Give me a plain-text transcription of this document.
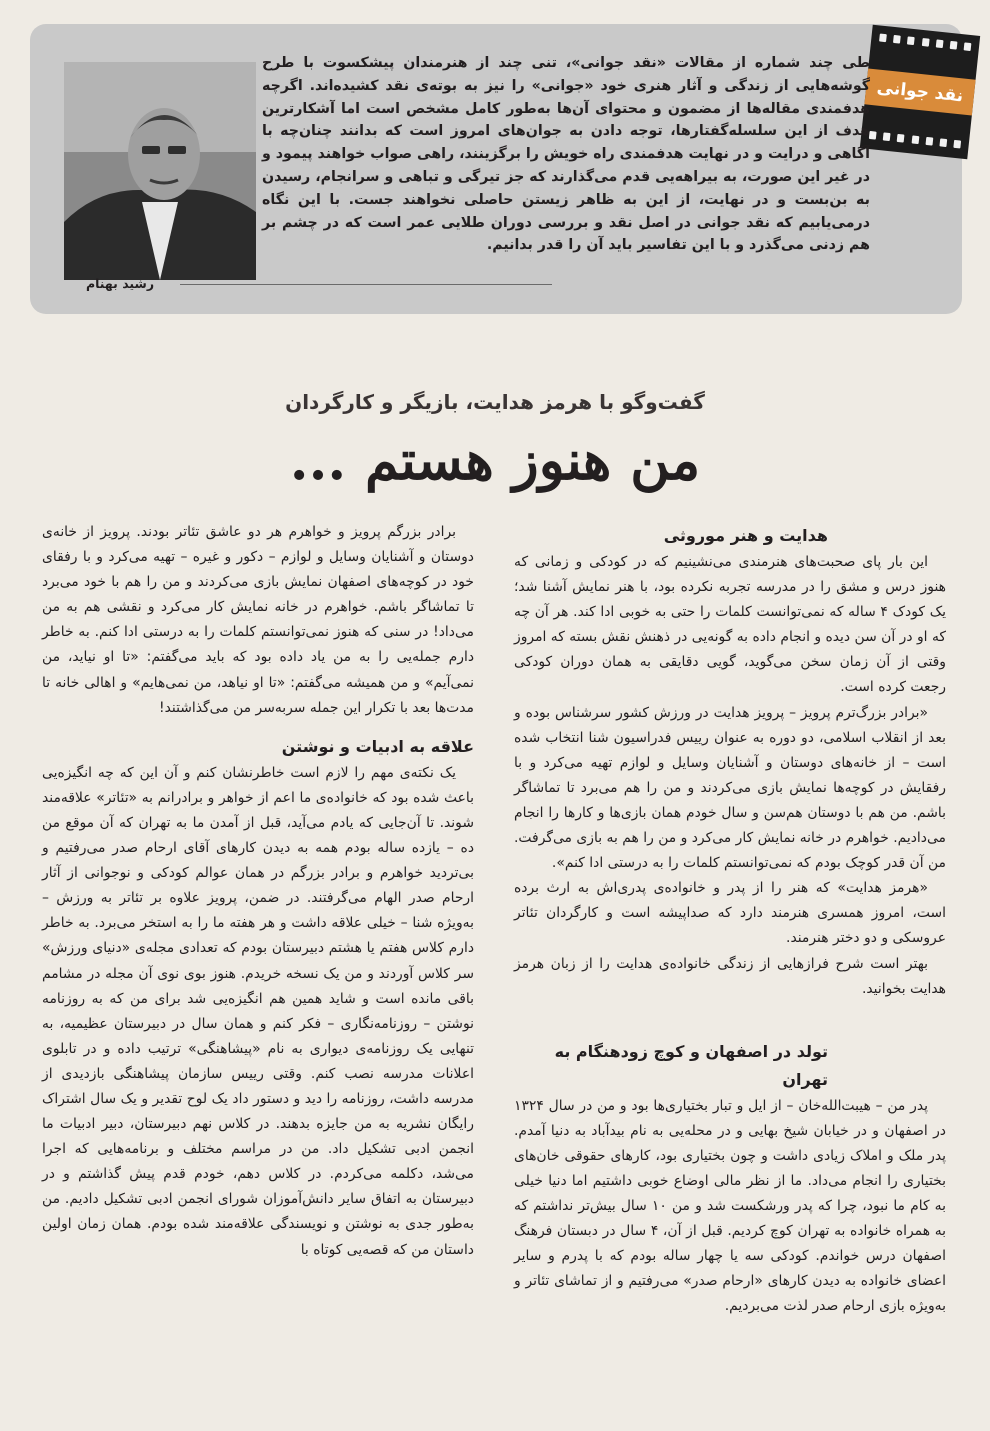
نقد جوانی

طی چند شماره از مقالات «نقد جوانی»، تنی چند از هنرمندان پیشکسوت با طرح گوشه‌هایی از زندگی و آثار هنری خود «جوانی» را نیز به بوته‌ی نقد کشیده‌اند. اگرچه هدفمندی مقاله‌ها از مضمون و محتوای آن‌ها به‌طور کامل مشخص است اما آشکارترین هدف از این سلسله‌گفتارها، توجه دادن به جوان‌های امروز است که بدانند چنان‌چه با آگاهی و درایت و در نهایت هدفمندی راه خویش را برگزینند، راهی صواب خواهند پیمود و در غیر این صورت، به بیراهه‌یی قدم می‌گذارند که جز تیرگی و تباهی و سرانجام، رسیدن به بن‌بست و در نهایت، از این به ظاهر زیستن حاصلی نخواهند جست. با این نگاه درمی‌یابیم که نقد جوانی در اصل نقد و بررسی دوران طلایی عمر است که در چشم بر هم زدنی می‌گذرد و با این تفاسیر باید آن را قدر بدانیم.

رشید بهنام
گفت‌وگو با هرمز هدایت، بازیگر و کارگردان
من هنوز هستم ...
هدایت و هنر موروثی

این بار پای صحبت‌های هنرمندی می‌نشینیم که در کودکی و زمانی که هنوز درس و مشق را در مدرسه تجربه نکرده بود، با هنر نمایش آشنا شد؛ یک کودک ۴ ساله که نمی‌توانست کلمات را حتی به خوبی ادا کند. هر آن چه که او در آن سن دیده و انجام داده به گونه‌یی در ذهنش نقش بسته که امروز وقتی از آن زمان سخن می‌گوید، گویی دقایقی به همان دوران کودکی رجعت کرده است.

«برادر بزرگ‌ترم پرویز – پرویز هدایت در ورزش کشور سرشناس بوده و بعد از انقلاب اسلامی، دو دوره به عنوان رییس فدراسیون شنا انتخاب شده است – از خانه‌های دوستان و آشنایان وسایل و لوازم تهیه می‌کرد و با رفقایش در کوچه‌ها نمایش بازی می‌کردند و من را هم می‌برد تا تماشاگر باشم. من هم با دوستان هم‌سن و سال خودم همان بازی‌ها و کارها را انجام می‌دادیم. خواهرم در خانه نمایش کار می‌کرد و من را هم به بازی می‌گرفت. من آن قدر کوچک بودم که نمی‌توانستم کلمات را به درستی ادا کنم».

«هرمز هدایت» که هنر را از پدر و خانواده‌ی پدری‌اش به ارث برده است، امروز همسری هنرمند دارد که صداپیشه است و کارگردان تئاتر عروسکی و دو دختر هنرمند.

بهتر است شرح فرازهایی از زندگی خانواده‌ی هدایت را از زبان هرمز هدایت بخوانید.

تولد در اصفهان و کوچ زودهنگام به تهران

پدر من – هیبت‌الله‌خان – از ایل و تبار بختیاری‌ها بود و من در سال ۱۳۲۴ در اصفهان و در خیابان شیخ بهایی و در محله‌یی به نام بیدآباد به دنیا آمدم. پدر ملک و املاک زیادی داشت و چون بختیاری بود، کارهای حقوقی خان‌های بختیاری را انجام می‌داد. ما از نظر مالی اوضاع خوبی داشتیم اما دنیا خیلی به کام ما نبود، چرا که پدر ورشکست شد و من ۱۰ سال بیش‌تر نداشتم که به همراه خانواده به تهران کوچ کردیم. قبل از آن، ۴ سال در دبستان فرهنگ اصفهان درس خواندم. کودکی سه یا چهار ساله بودم که با پدرم و سایر اعضای خانواده به دیدن کارهای «ارحام صدر» می‌رفتیم و از تماشای تئاتر و به‌ویژه بازی ارحام صدر لذت می‌بردیم.

برادر بزرگم پرویز و خواهرم هر دو عاشق تئاتر بودند. پرویز از خانه‌ی دوستان و آشنایان وسایل و لوازم – دکور و غیره – تهیه می‌کرد و با رفقای خود در کوچه‌های اصفهان نمایش بازی می‌کردند و من را هم با خود می‌برد تا تماشاگر باشم. خواهرم در خانه نمایش کار می‌کرد و نقشی هم به من می‌داد! در سنی که هنوز نمی‌توانستم کلمات را به درستی ادا کنم. به خاطر دارم جمله‌یی را به من یاد داده بود که باید می‌گفتم: «تا او نیاید، من نمی‌آیم» و من همیشه می‌گفتم: «تا او نیاهد، من نمی‌هایم» و اهالی خانه تا مدت‌ها بعد با تکرار این جمله سربه‌سر من می‌گذاشتند!

علاقه به ادبیات و نوشتن

یک نکته‌ی مهم را لازم است خاطرنشان کنم و آن این که چه انگیزه‌یی باعث شده بود که خانواده‌ی ما اعم از خواهر و برادرانم به «تئاتر» علاقه‌مند شوند. تا آن‌جایی که یادم می‌آید، قبل از آمدن ما به تهران که آن موقع من ده – یازده ساله بودم همه به دیدن کارهای آقای ارحام صدر می‌رفتیم و بی‌تردید خواهرم و برادر بزرگم در همان عوالم کودکی و نوجوانی از آثار ارحام صدر الهام می‌گرفتند. در ضمن، پرویز علاوه بر تئاتر به ورزش – به‌ویژه شنا – خیلی علاقه داشت و هر هفته ما را به استخر می‌برد. به خاطر دارم کلاس هفتم یا هشتم دبیرستان بودم که تعدادی مجله‌ی «دنیای ورزش» سر کلاس آوردند و من یک نسخه خریدم. هنوز بوی نوی آن مجله در مشامم باقی مانده است و شاید همین هم انگیزه‌یی شد برای من که به روزنامه نوشتن – روزنامه‌نگاری – فکر کنم و همان سال در دبیرستان عظیمیه، به تنهایی یک روزنامه‌ی دیواری به نام «پیشاهنگی» ترتیب داده و در تابلوی اعلانات مدرسه نصب کنم. وقتی رییس سازمان پیشاهنگی بازدیدی از مدرسه داشت، روزنامه را دید و دستور داد یک لوح تقدیر و یک سال اشتراک رایگان نشریه به من جایزه بدهند. در کلاس نهم دبیرستان، دبیر ادبیات ما انجمن ادبی تشکیل داد. من در مراسم مختلف و برنامه‌هایی که اجرا می‌شد، دکلمه می‌کردم. در کلاس دهم، خودم قدم پیش گذاشتم و در دبیرستان به اتفاق سایر دانش‌آموزان شورای انجمن ادبی تشکیل دادیم. من به‌طور جدی به نوشتن و نویسندگی علاقه‌مند شده بودم. همان زمان اولین داستان من که قصه‌یی کوتاه با
